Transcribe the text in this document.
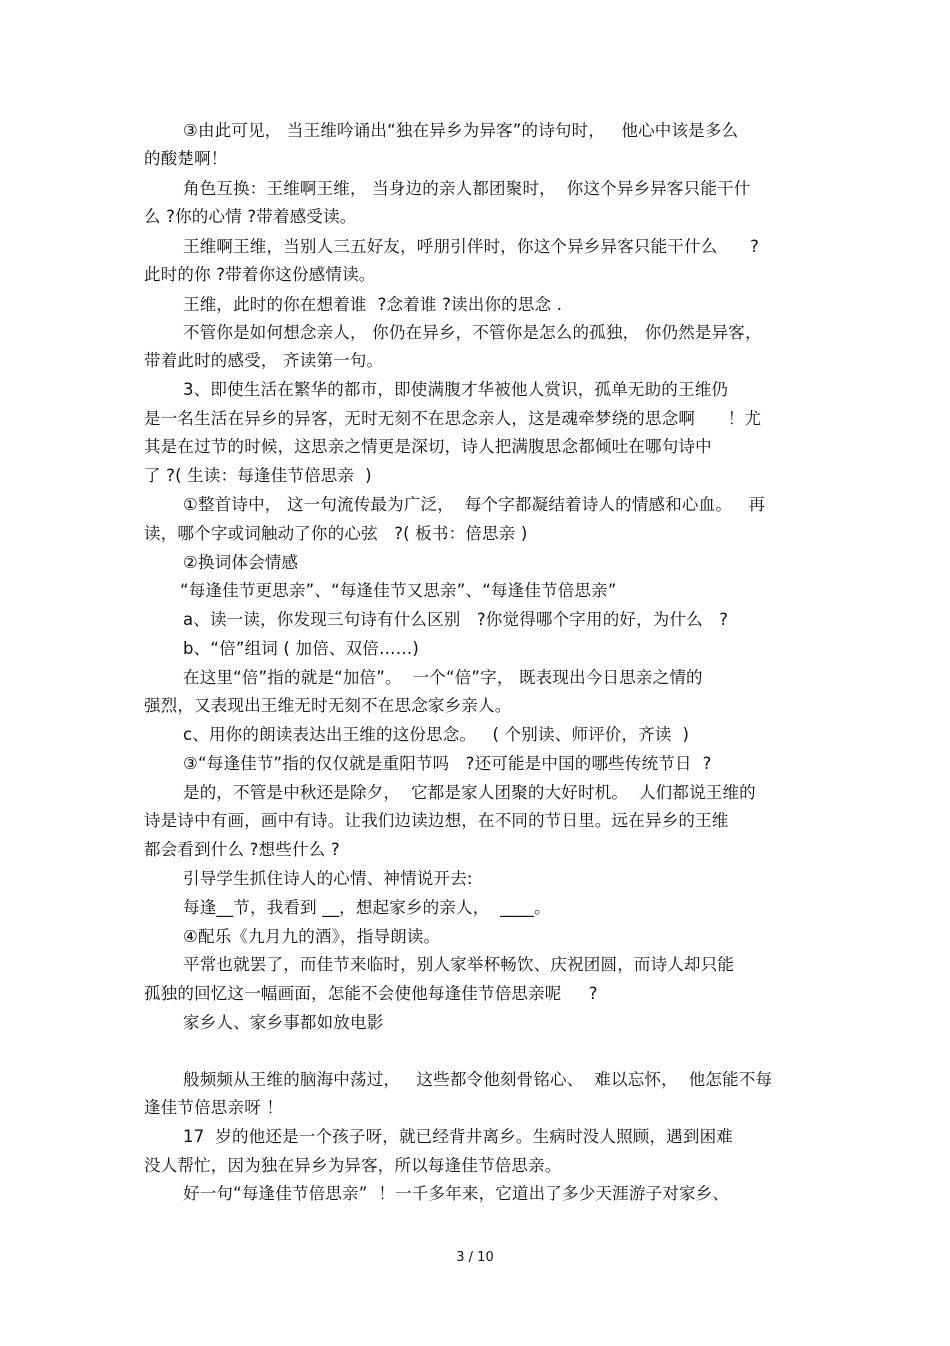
③由此可见， 当王维吟诵出“独在异乡为异客”的诗句时，   他心中该是多么
的酸楚啊！
角色互换：王维啊王维， 当身边的亲人都团聚时，  你这个异乡异客只能干什
么 ?你的心情 ?带着感受读。
王维啊王维，当别人三五好友，呼朋引伴时，你这个异乡异客只能干什么      ?
此时的你 ?带着你这份感情读。
王维，此时的你在想着谁  ?念着谁 ?读出你的思念 .
不管你是如何想念亲人， 你仍在异乡，不管你是怎么的孤独， 你仍然是异客，
带着此时的感受， 齐读第一句。
3、即使生活在繁华的都市，即使满腹才华被他人赏识，孤单无助的王维仍
是一名生活在异乡的异客，无时无刻不在思念亲人，这是魂牵梦绕的思念啊      ！尤
其是在过节的时候，这思亲之情更是深切，诗人把满腹思念都倾吐在哪句诗中
了 ?( 生读：每逢佳节倍思亲  )
①整首诗中， 这一句流传最为广泛，  每个字都凝结着诗人的情感和心血。   再
读，哪个字或词触动了你的心弦   ?( 板书：倍思亲 )
②换词体会情感
“每逢佳节更思亲”、“每逢佳节又思亲”、“每逢佳节倍思亲”
a、读一读，你发现三句诗有什么区别   ?你觉得哪个字用的好，为什么   ?
b、“倍”组词 ( 加倍、双倍……)
在这里“倍”指的就是“加倍”。  一个“倍”字， 既表现出今日思亲之情的
强烈，又表现出王维无时无刻不在思念家乡亲人。
c、用你的朗读表达出王维的这份思念。   ( 个别读、师评价，齐读  )
③“每逢佳节”指的仅仅就是重阳节吗   ?还可能是中国的哪些传统节日  ?
是的，不管是中秋还是除夕，  它都是家人团聚的大好时机。  人们都说王维的
诗是诗中有画，画中有诗。让我们边读边想，在不同的节日里。远在异乡的王维
都会看到什么 ?想些什么 ?
引导学生抓住诗人的心情、神情说开去:
每逢__节，我看到 __，想起家乡的亲人，  ____。
④配乐《九月九的酒》，指导朗读。
平常也就罢了，而佳节来临时，别人家举杯畅饮、庆祝团圆，而诗人却只能
孤独的回忆这一幅画面，怎能不会使他每逢佳节倍思亲呢     ?
家乡人、家乡事都如放电影
般频频从王维的脑海中荡过，   这些都令他刻骨铭心、  难以忘怀，  他怎能不每
逢佳节倍思亲呀 ！
17  岁的他还是一个孩子呀，就已经背井离乡。生病时没人照顾，遇到困难
没人帮忙，因为独在异乡为异客，所以每逢佳节倍思亲。
好一句“每逢佳节倍思亲”  ！一千多年来，它道出了多少天涯游子对家乡、
3 / 10
